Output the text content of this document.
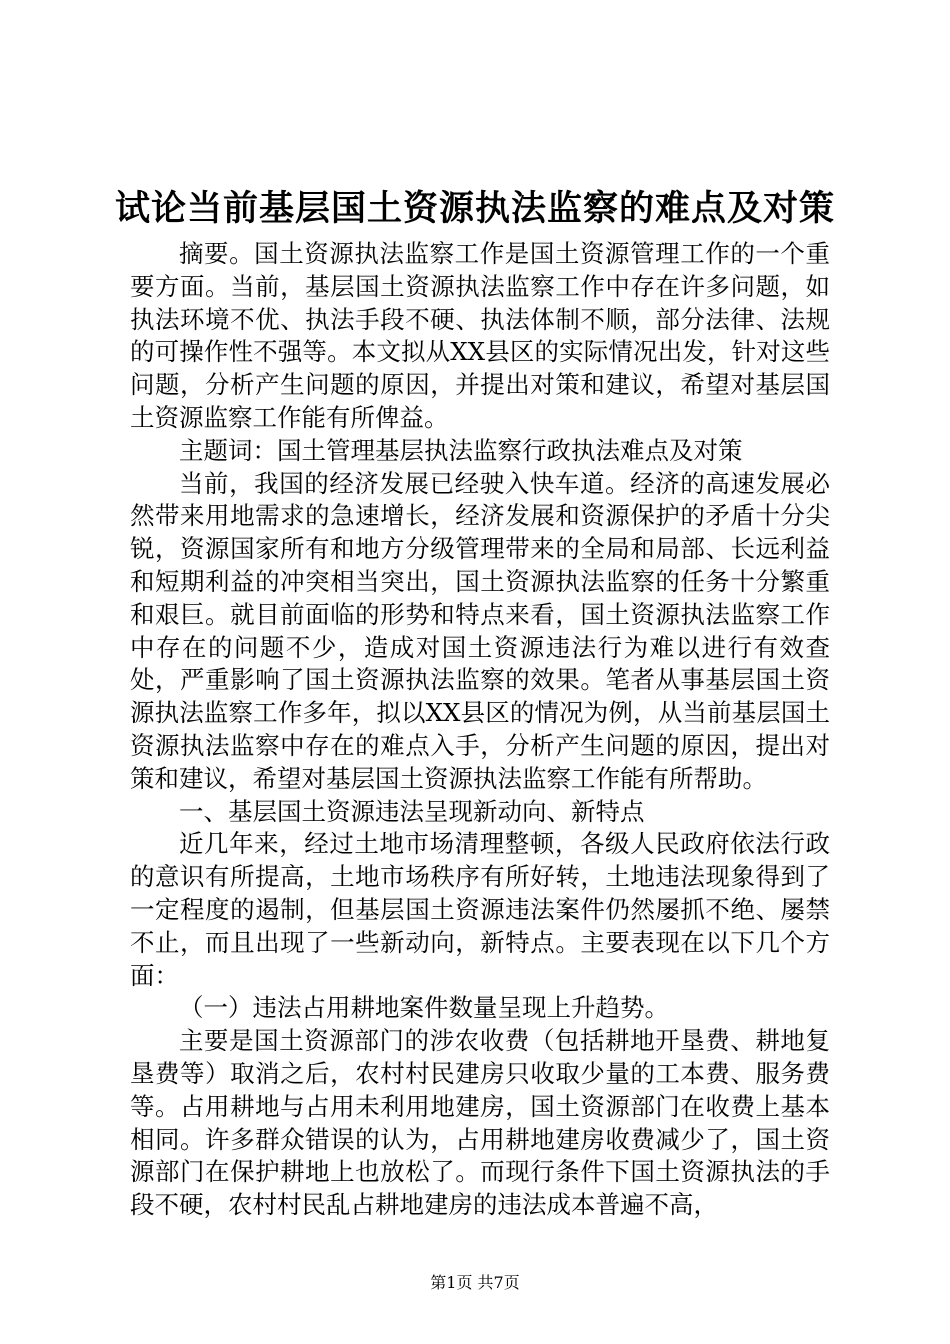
试论当前基层国土资源执法监察的难点及对策

摘要。国土资源执法监察工作是国土资源管理工作的一个重要方面。当前，基层国土资源执法监察工作中存在许多问题，如执法环境不优、执法手段不硬、执法体制不顺，部分法律、法规的可操作性不强等。本文拟从XX县区的实际情况出发，针对这些问题，分析产生问题的原因，并提出对策和建议，希望对基层国土资源监察工作能有所俾益。

主题词：国土管理基层执法监察行政执法难点及对策

当前，我国的经济发展已经驶入快车道。经济的高速发展必然带来用地需求的急速增长，经济发展和资源保护的矛盾十分尖锐，资源国家所有和地方分级管理带来的全局和局部、长远利益和短期利益的冲突相当突出，国土资源执法监察的任务十分繁重和艰巨。就目前面临的形势和特点来看，国土资源执法监察工作中存在的问题不少，造成对国土资源违法行为难以进行有效查处，严重影响了国土资源执法监察的效果。笔者从事基层国土资源执法监察工作多年，拟以XX县区的情况为例，从当前基层国土资源执法监察中存在的难点入手，分析产生问题的原因，提出对策和建议，希望对基层国土资源执法监察工作能有所帮助。

一、基层国土资源违法呈现新动向、新特点

近几年来，经过土地市场清理整顿，各级人民政府依法行政的意识有所提高，土地市场秩序有所好转，土地违法现象得到了一定程度的遏制，但基层国土资源违法案件仍然屡抓不绝、屡禁不止，而且出现了一些新动向，新特点。主要表现在以下几个方面：

（一）违法占用耕地案件数量呈现上升趋势。

主要是国土资源部门的涉农收费（包括耕地开垦费、耕地复垦费等）取消之后，农村村民建房只收取少量的工本费、服务费等。占用耕地与占用未利用地建房，国土资源部门在收费上基本相同。许多群众错误的认为，占用耕地建房收费减少了，国土资源部门在保护耕地上也放松了。而现行条件下国土资源执法的手段不硬，农村村民乱占耕地建房的违法成本普遍不高，

第1页 共7页
